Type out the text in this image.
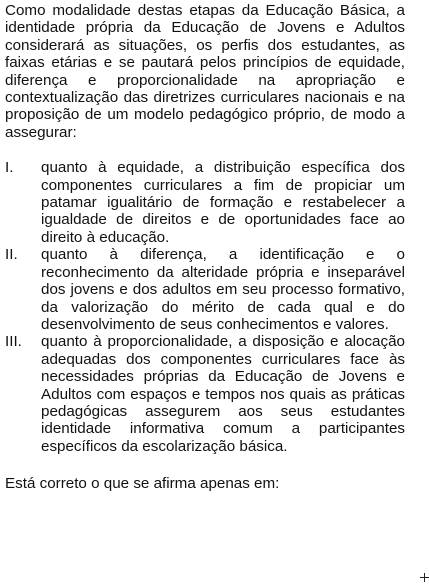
Como modalidade destas etapas da Educação Básica, a identidade própria da Educação de Jovens e Adultos considerará as situações, os perfis dos estudantes, as faixas etárias e se pautará pelos princípios de equidade, diferença e proporcionalidade na apropriação e contextualização das diretrizes curriculares nacionais e na proposição de um modelo pedagógico próprio, de modo a assegurar:

I.	quanto à equidade, a distribuição específica dos componentes curriculares a fim de propiciar um patamar igualitário de formação e restabelecer a igualdade de direitos e de oportunidades face ao direito à educação.

II.	quanto à diferença, a identificação e o reconhecimento da alteridade própria e inseparável dos jovens e dos adultos em seu processo formativo, da valorização do mérito de cada qual e do desenvolvimento de seus conhecimentos e valores.

III.	quanto à proporcionalidade, a disposição e alocação adequadas dos componentes curriculares face às necessidades próprias da Educação de Jovens e Adultos com espaços e tempos nos quais as práticas pedagógicas assegurem aos seus estudantes identidade informativa comum a participantes específicos da escolarização básica.

Está correto o que se afirma apenas em:
